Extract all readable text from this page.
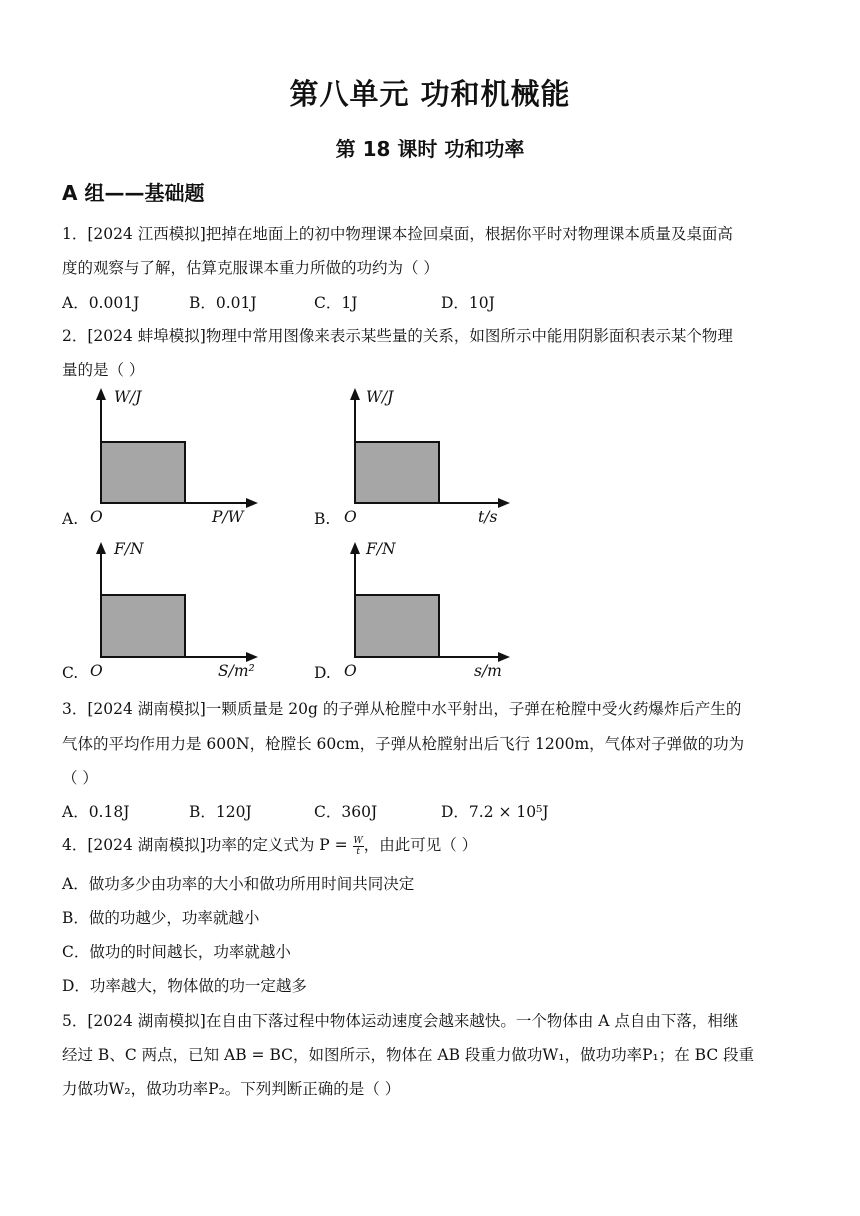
第八单元 功和机械能
第 18 课时 功和功率
A 组——基础题
1．[2024 江西模拟]把掉在地面上的初中物理课本捡回桌面，根据你平时对物理课本质量及桌面高
度的观察与了解，估算克服课本重力所做的功约为（ ）
A．0.001J	B．0.01J	C．1J	D．10J
2．[2024 蚌埠模拟]物理中常用图像来表示某些量的关系，如图所示中能用阴影面积表示某个物理
量的是（ ）
A.
W/J
O	P/W	B.
W/J
O	t/s
C.
F/N
O	S/m²	D.
F/N
O	s/m
3．[2024 湖南模拟]一颗质量是 20g 的子弹从枪膛中水平射出，子弹在枪膛中受火药爆炸后产生的
气体的平均作用力是 600N，枪膛长 60cm，子弹从枪膛射出后飞行 1200m，气体对子弹做的功为
（ ）
A．0.18J	B．120J	C．360J	D．7.2 × 10⁵J
4．[2024 湖南模拟]功率的定义式为 $P = \frac{W}{t}$ ，由此可见（ ）
A．做功多少由功率的大小和做功所用时间共同决定
B．做的功越少，功率就越小
C．做功的时间越长，功率就越小
D．功率越大，物体做的功一定越多
5．[2024 湖南模拟]在自由下落过程中物体运动速度会越来越快。一个物体由 A 点自由下落，相继
经过 B、C 两点，已知 AB = BC，如图所示，物体在 AB 段重力做功W₁，做功功率P₁；在 BC 段重
力做功W₂，做功功率P₂。下列判断正确的是（ ）
